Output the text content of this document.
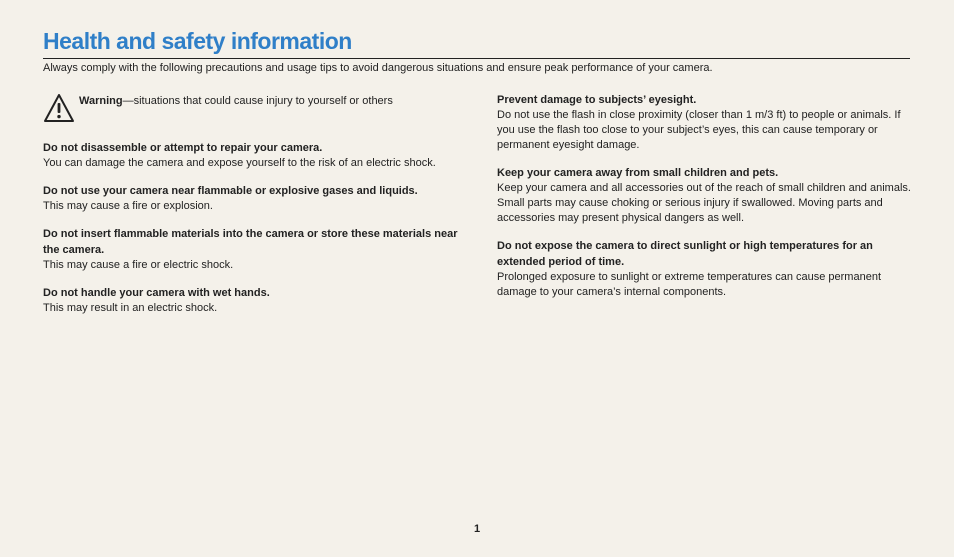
Health and safety information
Always comply with the following precautions and usage tips to avoid dangerous situations and ensure peak performance of your camera.
Warning—situations that could cause injury to yourself or others
Do not disassemble or attempt to repair your camera.
You can damage the camera and expose yourself to the risk of an electric shock.
Do not use your camera near flammable or explosive gases and liquids.
This may cause a fire or explosion.
Do not insert flammable materials into the camera or store these materials near the camera.
This may cause a fire or electric shock.
Do not handle your camera with wet hands.
This may result in an electric shock.
Prevent damage to subjects’ eyesight.
Do not use the flash in close proximity (closer than 1 m/3 ft) to people or animals. If you use the flash too close to your subject’s eyes, this can cause temporary or permanent eyesight damage.
Keep your camera away from small children and pets.
Keep your camera and all accessories out of the reach of small children and animals. Small parts may cause choking or serious injury if swallowed. Moving parts and accessories may present physical dangers as well.
Do not expose the camera to direct sunlight or high temperatures for an extended period of time.
Prolonged exposure to sunlight or extreme temperatures can cause permanent damage to your camera’s internal components.
1
